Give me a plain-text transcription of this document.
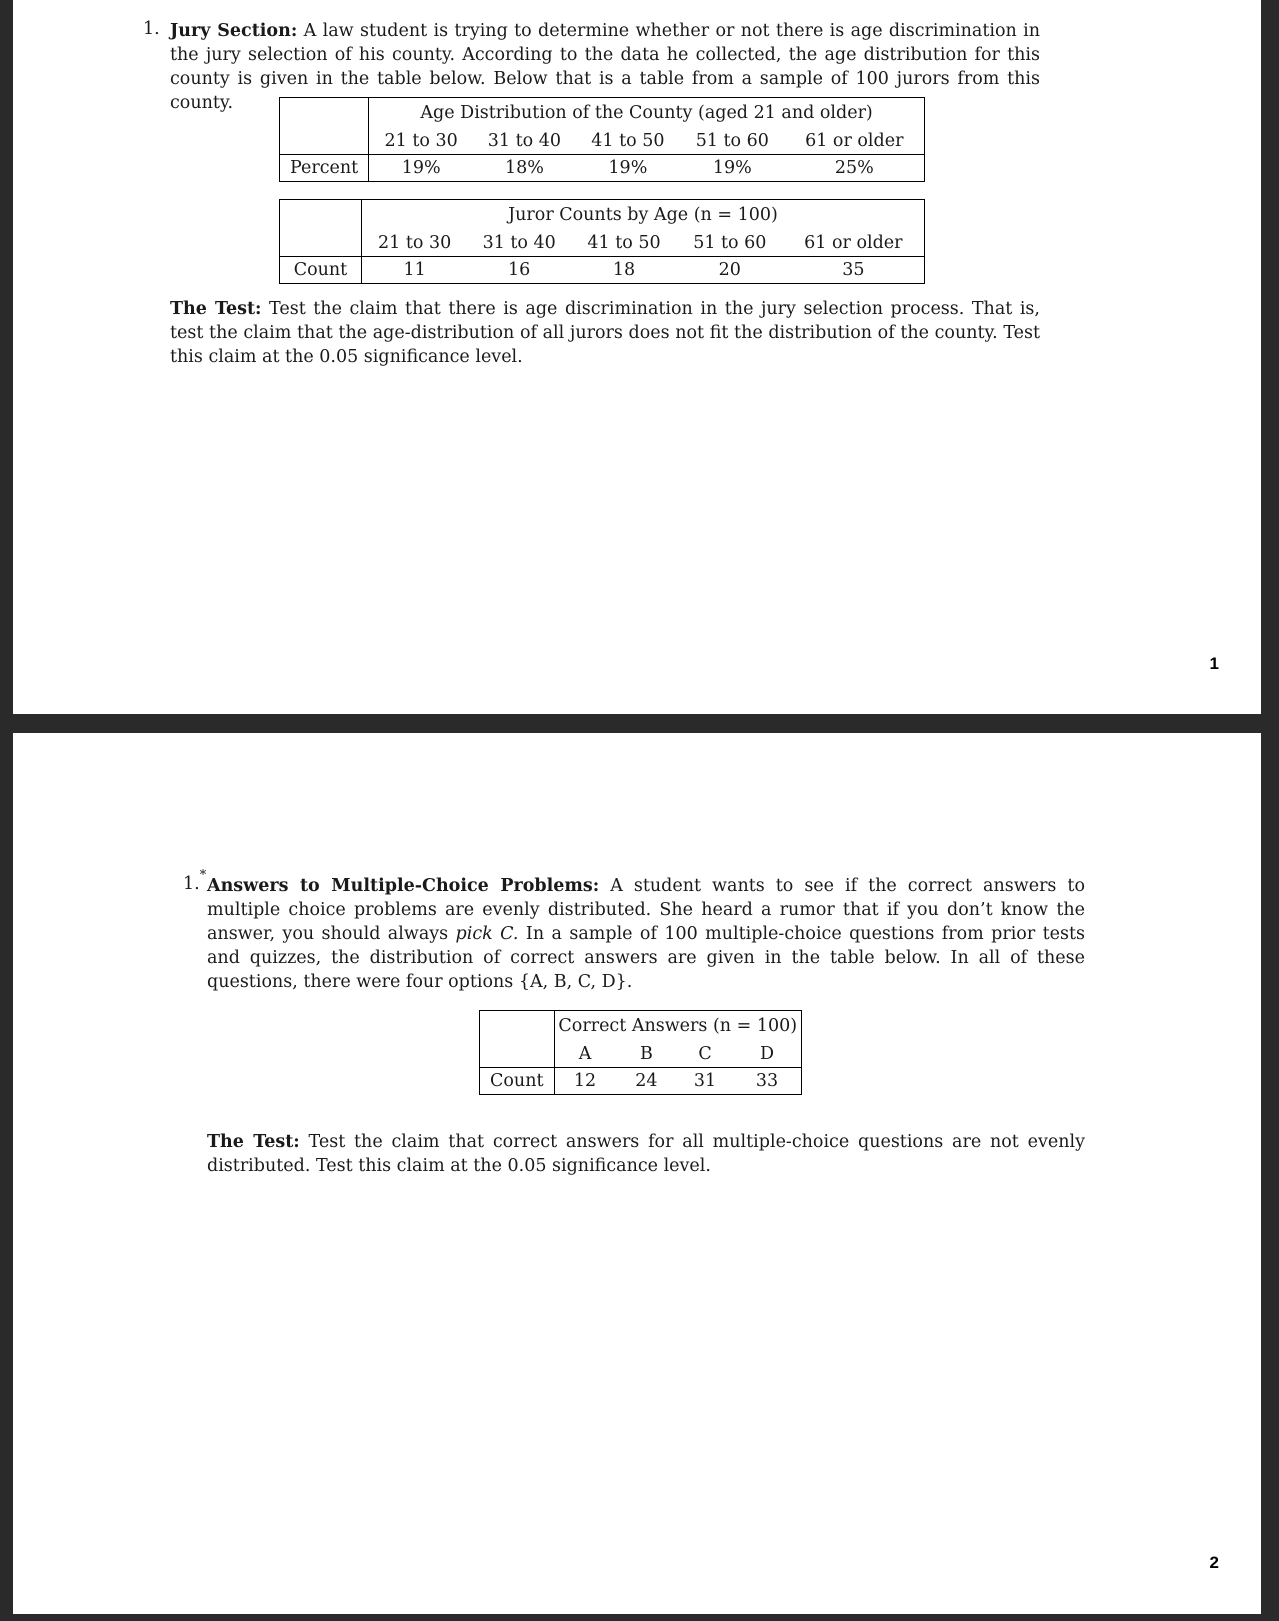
1. Jury Section: A law student is trying to determine whether or not there is age discrimination in the jury selection of his county. According to the data he collected, the age distribution for this county is given in the table below. Below that is a table from a sample of 100 jurors from this county.
		Age Distribution of the County (aged 21 and older)				
	21 to 30	31 to 40	41 to 50	51 to 60	61 or older
Percent	19%	18%	19%	19%	25%
	Juror Counts by Age (n = 100)				
	21 to 30	31 to 40	41 to 50	51 to 60	61 or older
Count	11	16	18	20	35
The Test: Test the claim that there is age discrimination in the jury selection process. That is, test the claim that the age-distribution of all jurors does not fit the distribution of the county. Test this claim at the 0.05 significance level.
1
1.*
Answers to Multiple-Choice Problems: A student wants to see if the correct answers to multiple choice problems are evenly distributed. She heard a rumor that if you don’t know the answer, you should always pick C. In a sample of 100 multiple-choice questions from prior tests and quizzes, the distribution of correct answers are given in the table below. In all of these questions, there were four options {A, B, C, D}.
	Correct Answers (n = 100)			
	A	B	C	D
Count	12	24	31	33
The Test: Test the claim that correct answers for all multiple-choice questions are not evenly distributed. Test this claim at the 0.05 significance level.
2
